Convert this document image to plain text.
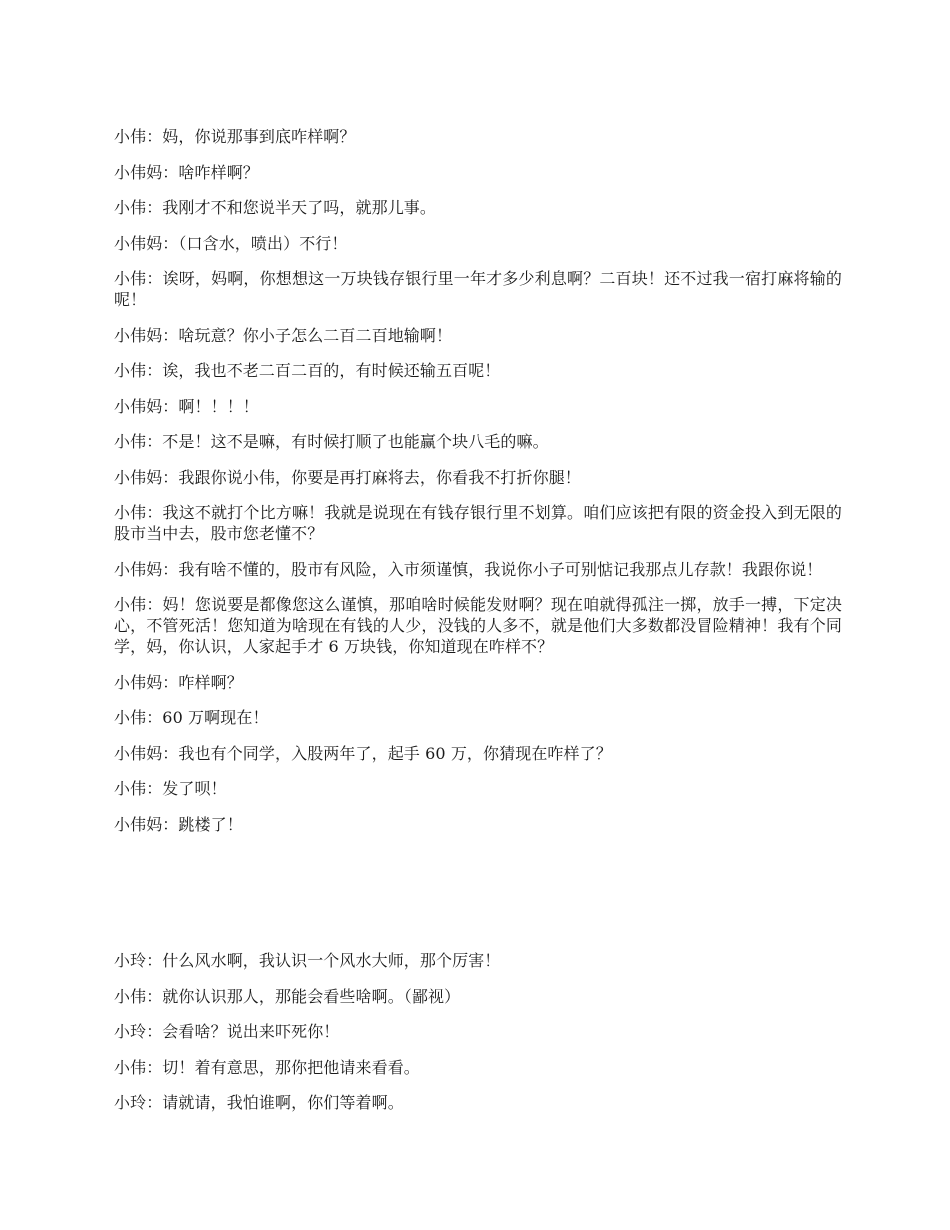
小伟：妈，你说那事到底咋样啊？

小伟妈：啥咋样啊？

小伟：我刚才不和您说半天了吗，就那儿事。

小伟妈：（口含水，喷出）不行！

小伟：诶呀，妈啊，你想想这一万块钱存银行里一年才多少利息啊？二百块！还不过我一宿打麻将输的呢！

小伟妈：啥玩意？你小子怎么二百二百地输啊！

小伟：诶，我也不老二百二百的，有时候还输五百呢！

小伟妈：啊！！！！

小伟：不是！这不是嘛，有时候打顺了也能赢个块八毛的嘛。

小伟妈：我跟你说小伟，你要是再打麻将去，你看我不打折你腿！

小伟：我这不就打个比方嘛！我就是说现在有钱存银行里不划算。咱们应该把有限的资金投入到无限的股市当中去，股市您老懂不？

小伟妈：我有啥不懂的，股市有风险，入市须谨慎，我说你小子可别惦记我那点儿存款！我跟你说！

小伟：妈！您说要是都像您这么谨慎，那咱啥时候能发财啊？现在咱就得孤注一掷，放手一搏，下定决心，不管死活！您知道为啥现在有钱的人少，没钱的人多不，就是他们大多数都没冒险精神！我有个同学，妈，你认识，人家起手才 6 万块钱，你知道现在咋样不？

小伟妈：咋样啊？

小伟：60 万啊现在！

小伟妈：我也有个同学，入股两年了，起手 60 万，你猜现在咋样了？

小伟：发了呗！

小伟妈：跳楼了！

小玲：什么风水啊，我认识一个风水大师，那个厉害！

小伟：就你认识那人，那能会看些啥啊。（鄙视）

小玲：会看啥？说出来吓死你！

小伟：切！着有意思，那你把他请来看看。

小玲：请就请，我怕谁啊，你们等着啊。
